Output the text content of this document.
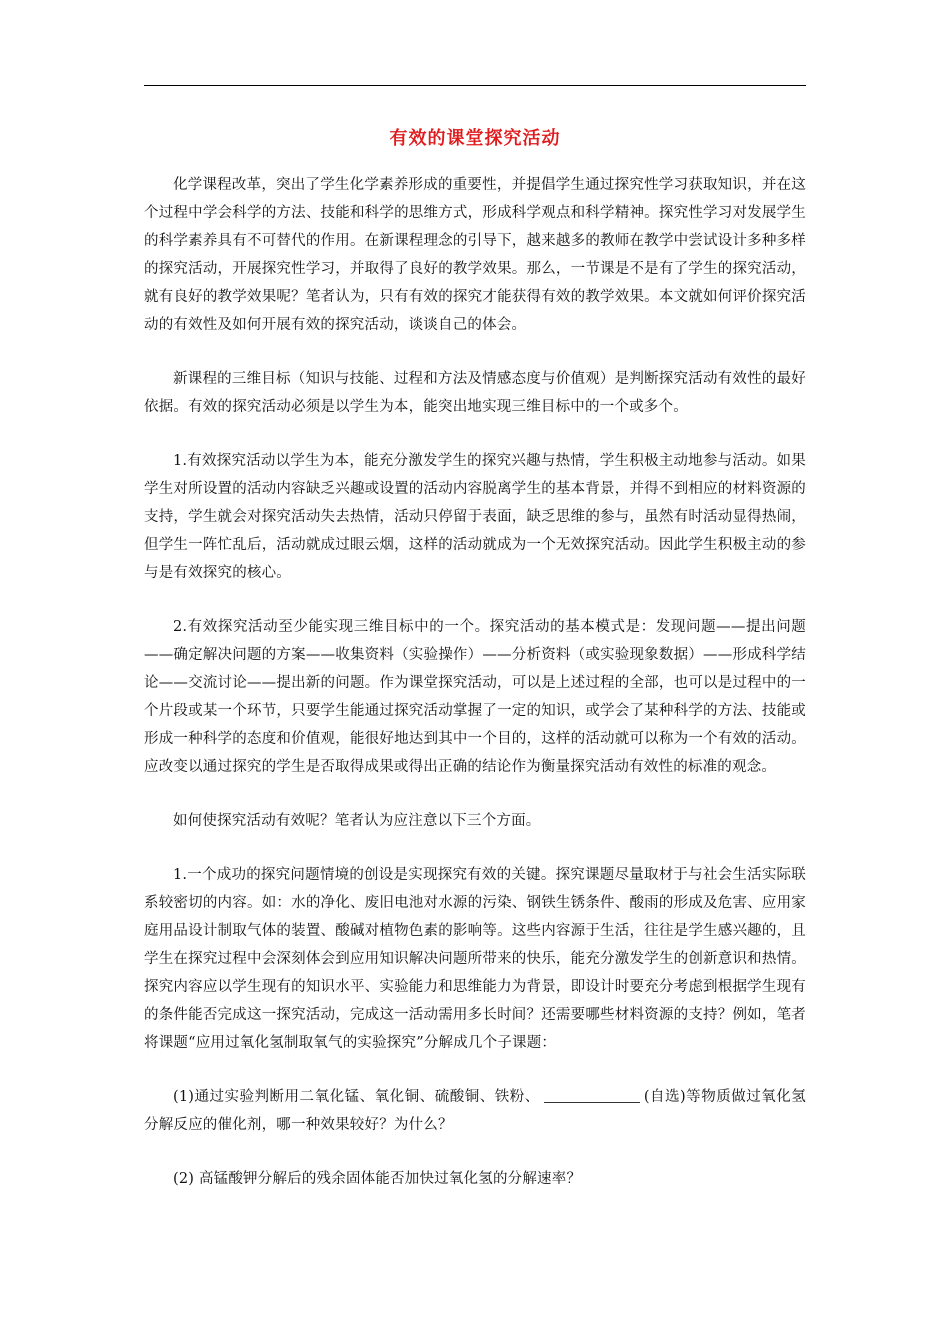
有效的课堂探究活动

化学课程改革，突出了学生化学素养形成的重要性，并提倡学生通过探究性学习获取知识，并在这个过程中学会科学的方法、技能和科学的思维方式，形成科学观点和科学精神。探究性学习对发展学生的科学素养具有不可替代的作用。在新课程理念的引导下，越来越多的教师在教学中尝试设计多种多样的探究活动，开展探究性学习，并取得了良好的教学效果。那么，一节课是不是有了学生的探究活动，就有良好的教学效果呢？笔者认为，只有有效的探究才能获得有效的教学效果。本文就如何评价探究活动的有效性及如何开展有效的探究活动，谈谈自己的体会。

新课程的三维目标（知识与技能、过程和方法及情感态度与价值观）是判断探究活动有效性的最好依据。有效的探究活动必须是以学生为本，能突出地实现三维目标中的一个或多个。

1.有效探究活动以学生为本，能充分激发学生的探究兴趣与热情，学生积极主动地参与活动。如果学生对所设置的活动内容缺乏兴趣或设置的活动内容脱离学生的基本背景，并得不到相应的材料资源的支持，学生就会对探究活动失去热情，活动只停留于表面，缺乏思维的参与，虽然有时活动显得热闹，但学生一阵忙乱后，活动就成过眼云烟，这样的活动就成为一个无效探究活动。因此学生积极主动的参与是有效探究的核心。

2.有效探究活动至少能实现三维目标中的一个。探究活动的基本模式是：发现问题——提出问题——确定解决问题的方案——收集资料（实验操作）——分析资料（或实验现象数据）——形成科学结论——交流讨论——提出新的问题。作为课堂探究活动，可以是上述过程的全部，也可以是过程中的一个片段或某一个环节，只要学生能通过探究活动掌握了一定的知识，或学会了某种科学的方法、技能或形成一种科学的态度和价值观，能很好地达到其中一个目的，这样的活动就可以称为一个有效的活动。应改变以通过探究的学生是否取得成果或得出正确的结论作为衡量探究活动有效性的标准的观念。

如何使探究活动有效呢？笔者认为应注意以下三个方面。

1.一个成功的探究问题情境的创设是实现探究有效的关键。探究课题尽量取材于与社会生活实际联系较密切的内容。如：水的净化、废旧电池对水源的污染、钢铁生锈条件、酸雨的形成及危害、应用家庭用品设计制取气体的装置、酸碱对植物色素的影响等。这些内容源于生活，往往是学生感兴趣的，且学生在探究过程中会深刻体会到应用知识解决问题所带来的快乐，能充分激发学生的创新意识和热情。探究内容应以学生现有的知识水平、实验能力和思维能力为背景，即设计时要充分考虑到根据学生现有的条件能否完成这一探究活动，完成这一活动需用多长时间？还需要哪些材料资源的支持？例如，笔者将课题“应用过氧化氢制取氧气的实验探究”分解成几个子课题：

(1)通过实验判断用二氧化锰、氧化铜、硫酸铜、铁粉、	(自选)等物质做过氧化氢分解反应的催化剂，哪一种效果较好？为什么？

(2) 高锰酸钾分解后的残余固体能否加快过氧化氢的分解速率？
